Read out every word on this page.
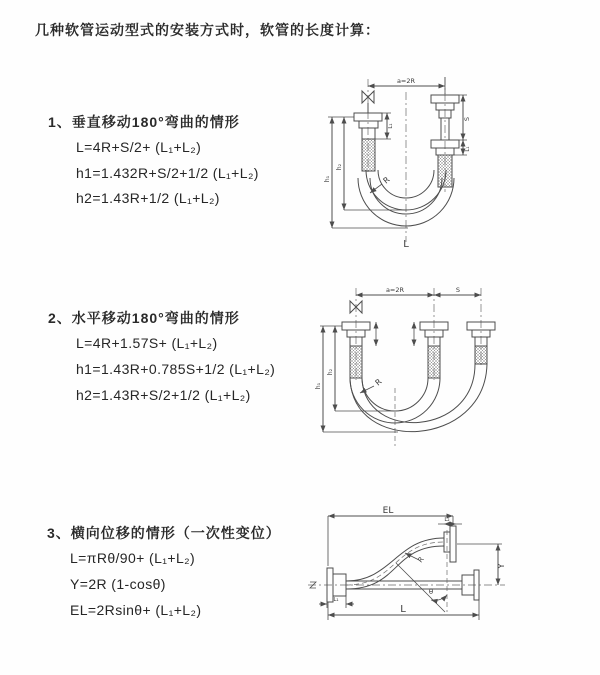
几种软管运动型式的安装方式时，软管的长度计算：
1、垂直移动180°弯曲的情形
L=4R+S/2+ (L₁+L₂)
h1=1.432R+S/2+1/2 (L₁+L₂)
h2=1.43R+1/2 (L₁+L₂)
a=2R
L₁
S
L₁
h₂
h₁	R
L
2、水平移动180°弯曲的情形
L=4R+1.57S+ (L₁+L₂)
h1=1.43R+0.785S+1/2 (L₁+L₂)
h2=1.43R+S/2+1/2 (L₁+L₂)
a=2R	S
h₂
h₁	R
3、横向位移的情形（一次性变位）
L=πRθ/90+ (L₁+L₂)
Y=2R (1-cosθ)
EL=2Rsinθ+ (L₁+L₂)
EL
L₂
Y
L
L₁
R
θ
